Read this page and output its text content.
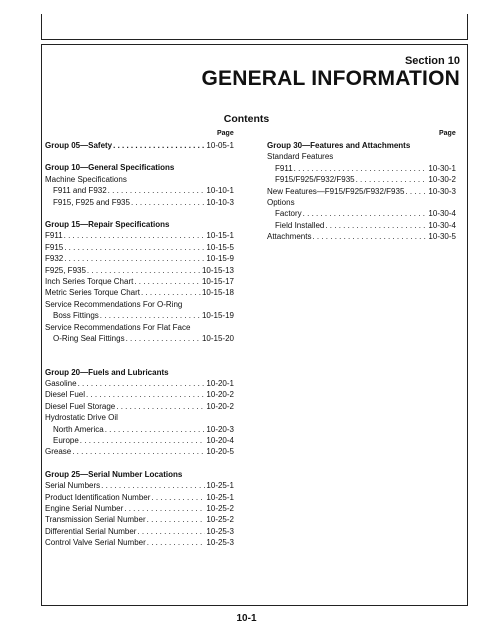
Section 10
GENERAL INFORMATION
Contents
Page	Page
Group 05—Safety . . .	10-05-1
Group 10—General Specifications
Machine Specifications
F911 and F932 . . .	10-10-1
F915, F925 and F935 . . .	10-10-3
Group 15—Repair Specifications
F911 . . .	10-15-1
F915 . . .	10-15-5
F932 . . .	10-15-9
F925, F935 . . .	10-15-13
Inch Series Torque Chart . . .	10-15-17
Metric Series Torque Chart . . .	10-15-18
Service Recommendations For O-Ring
Boss Fittings . . .	10-15-19
Service Recommendations For Flat Face
O-Ring Seal Fittings . . .	10-15-20
Group 20—Fuels and Lubricants
Gasoline . . .	10-20-1
Diesel Fuel . . .	10-20-2
Diesel Fuel Storage . . .	10-20-2
Hydrostatic Drive Oil
North America . . .	10-20-3
Europe . . .	10-20-4
Grease . . .	10-20-5
Group 25—Serial Number Locations
Serial Numbers . . .	10-25-1
Product Identification Number . . .	10-25-1
Engine Serial Number . . .	10-25-2
Transmission Serial Number . . .	10-25-2
Differential Serial Number . . .	10-25-3
Control Valve Serial Number . . .	10-25-3
Group 30—Features and Attachments
Standard Features
F911 . . .	10-30-1
F915/F925/F932/F935 . . .	10-30-2
New Features—F915/F925/F932/F935 . . .	10-30-3
Options
Factory . . .	10-30-4
Field Installed . . .	10-30-4
Attachments . . .	10-30-5
10-1
